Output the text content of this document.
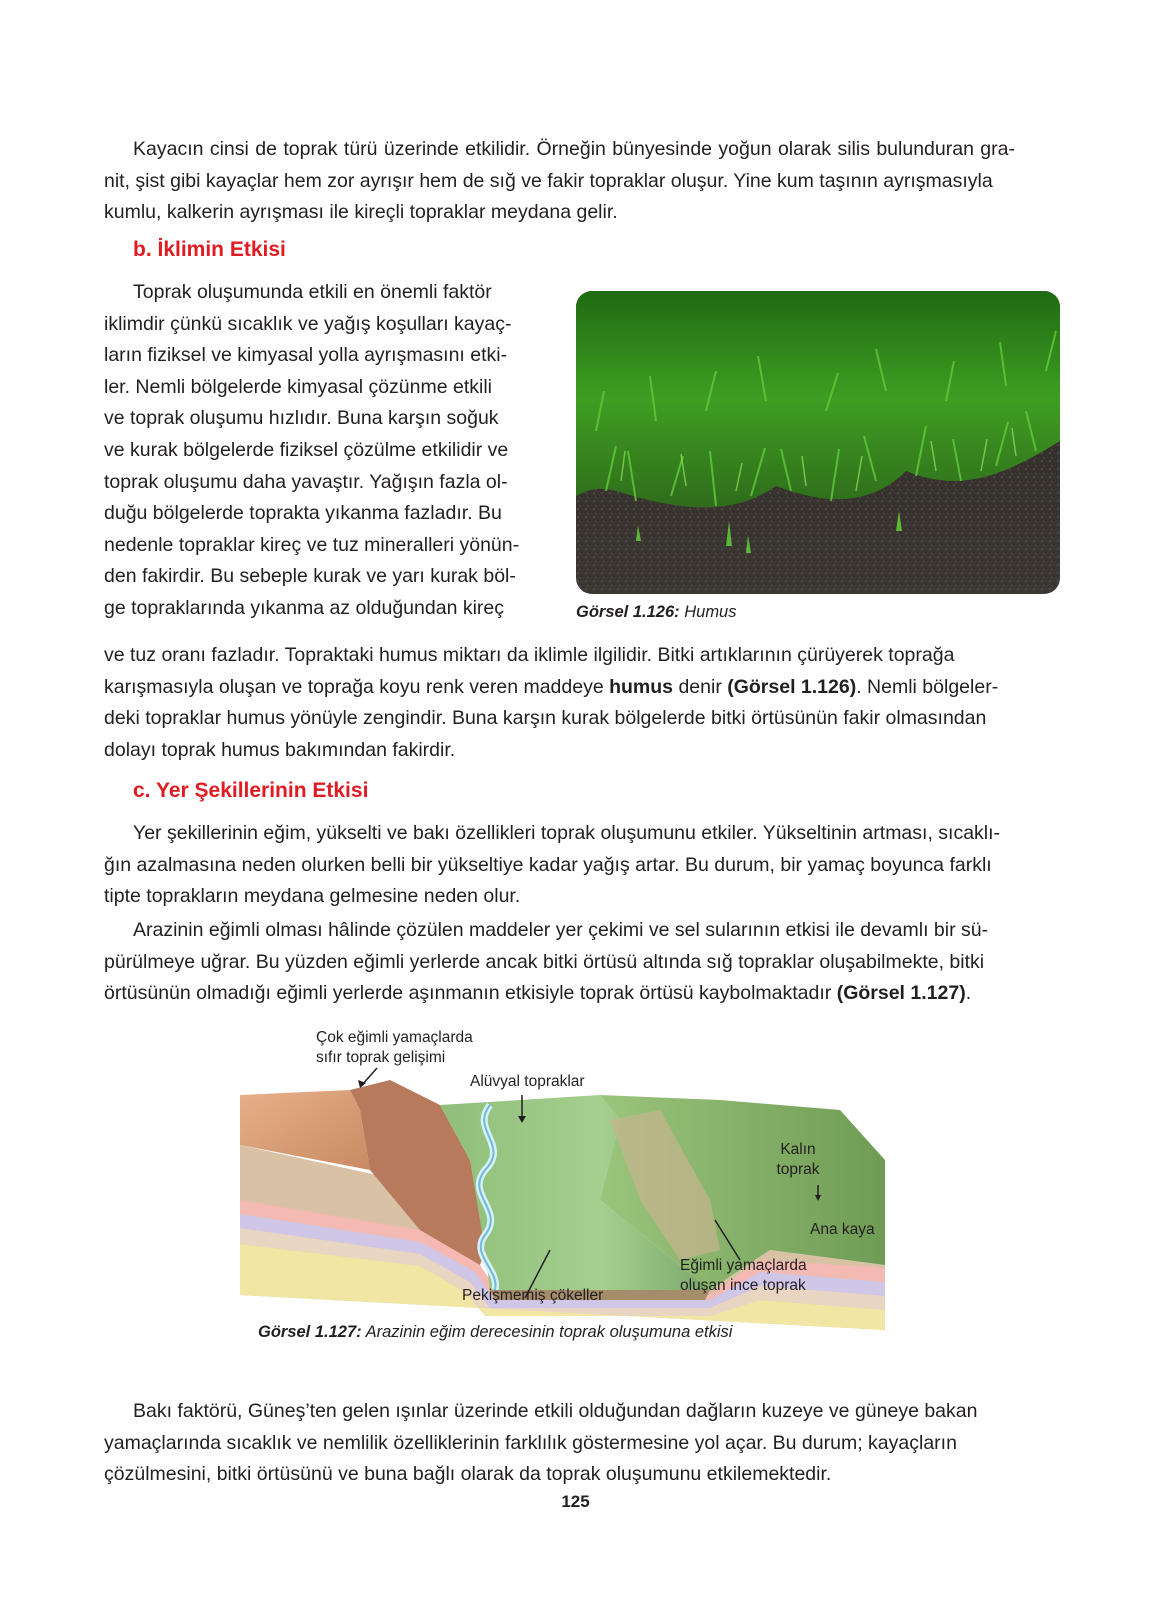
Kayacın cinsi de toprak türü üzerinde etkilidir. Örneğin bünyesinde yoğun olarak silis bulunduran gra-
nit, şist gibi kayaçlar hem zor ayrışır hem de sığ ve fakir topraklar oluşur. Yine kum taşının ayrışmasıyla
kumlu, kalkerin ayrışması ile kireçli topraklar meydana gelir.
b. İklimin Etkisi
Toprak oluşumunda etkili en önemli faktör
iklimdir çünkü sıcaklık ve yağış koşulları kayaç-
ların fiziksel ve kimyasal yolla ayrışmasını etki-
ler. Nemli bölgelerde kimyasal çözünme etkili
ve toprak oluşumu hızlıdır. Buna karşın soğuk
ve kurak bölgelerde fiziksel çözülme etkilidir ve
toprak oluşumu daha yavaştır. Yağışın fazla ol-
duğu bölgelerde toprakta yıkanma fazladır. Bu
nedenle topraklar kireç ve tuz mineralleri yönün-
den fakirdir. Bu sebeple kurak ve yarı kurak böl-
ge topraklarında yıkanma az olduğundan kireç	Görsel 1.126: Humus
ve tuz oranı fazladır. Topraktaki humus miktarı da iklimle ilgilidir. Bitki artıklarının çürüyerek toprağa
karışmasıyla oluşan ve toprağa koyu renk veren maddeye humus denir (Görsel 1.126). Nemli bölgeler-
deki topraklar humus yönüyle zengindir. Buna karşın kurak bölgelerde bitki örtüsünün fakir olmasından
dolayı toprak humus bakımından fakirdir.
c. Yer Şekillerinin Etkisi
Yer şekillerinin eğim, yükselti ve bakı özellikleri toprak oluşumunu etkiler. Yükseltinin artması, sıcaklı-
ğın azalmasına neden olurken belli bir yükseltiye kadar yağış artar. Bu durum, bir yamaç boyunca farklı
tipte toprakların meydana gelmesine neden olur.
Arazinin eğimli olması hâlinde çözülen maddeler yer çekimi ve sel sularının etkisi ile devamlı bir sü-
pürülmeye uğrar. Bu yüzden eğimli yerlerde ancak bitki örtüsü altında sığ topraklar oluşabilmekte, bitki
örtüsünün olmadığı eğimli yerlerde aşınmanın etkisiyle toprak örtüsü kaybolmaktadır (Görsel 1.127).
Çok eğimli yamaçlarda
sıfır toprak gelişimi
Alüvyal topraklar
Kalın
toprak
Ana kaya
Eğimli yamaçlarda
oluşan ince toprak
Pekişmemiş çökeller
Görsel 1.127: Arazinin eğim derecesinin toprak oluşumuna etkisi
Bakı faktörü, Güneş’ten gelen ışınlar üzerinde etkili olduğundan dağların kuzeye ve güneye bakan
yamaçlarında sıcaklık ve nemlilik özelliklerinin farklılık göstermesine yol açar. Bu durum; kayaçların
çözülmesini, bitki örtüsünü ve buna bağlı olarak da toprak oluşumunu etkilemektedir.
125
